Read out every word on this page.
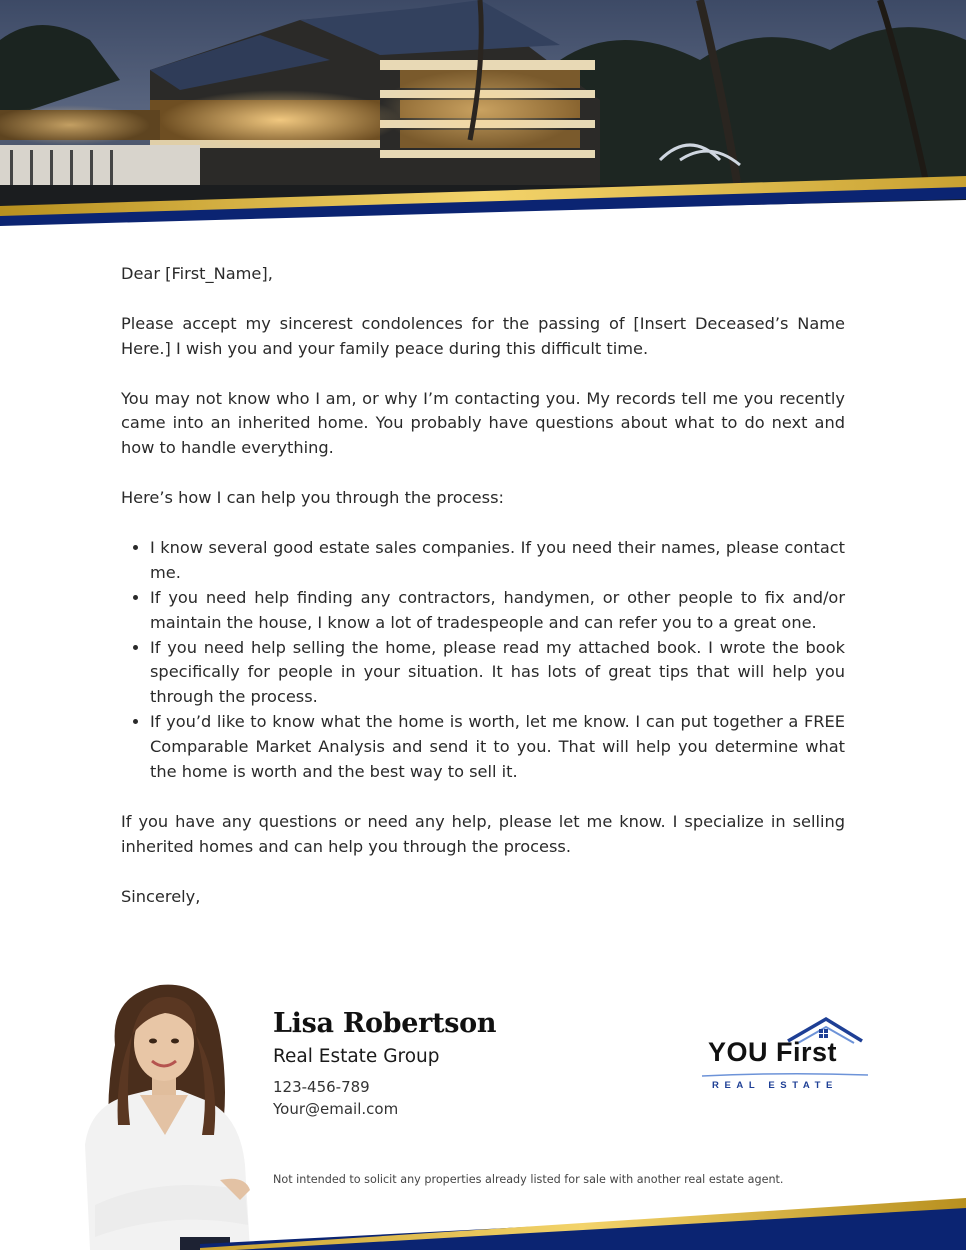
Dear [First_Name],

Please accept my sincerest condolences for the passing of [Insert Deceased’s Name Here.] I wish you and your family peace during this difficult time.

You may not know who I am, or why I’m contacting you. My records tell me you recently came into an inherited home. You probably have questions about what to do next and how to handle everything.

Here’s how I can help you through the process:

• I know several good estate sales companies. If you need their names, please contact me.
• If you need help finding any contractors, handymen, or other people to fix and/or maintain the house, I know a lot of tradespeople and can refer you to a great one.
• If you need help selling the home, please read my attached book. I wrote the book specifically for people in your situation. It has lots of great tips that will help you through the process.
• If you’d like to know what the home is worth, let me know. I can put together a FREE Comparable Market Analysis and send it to you. That will help you determine what the home is worth and the best way to sell it.

If you have any questions or need any help, please let me know. I specialize in selling inherited homes and can help you through the process.

Sincerely,

Lisa Robertson
Real Estate Group
123-456-789
Your@email.com
YOU First
REAL ESTATE
Not intended to solicit any properties already listed for sale with another real estate agent.
